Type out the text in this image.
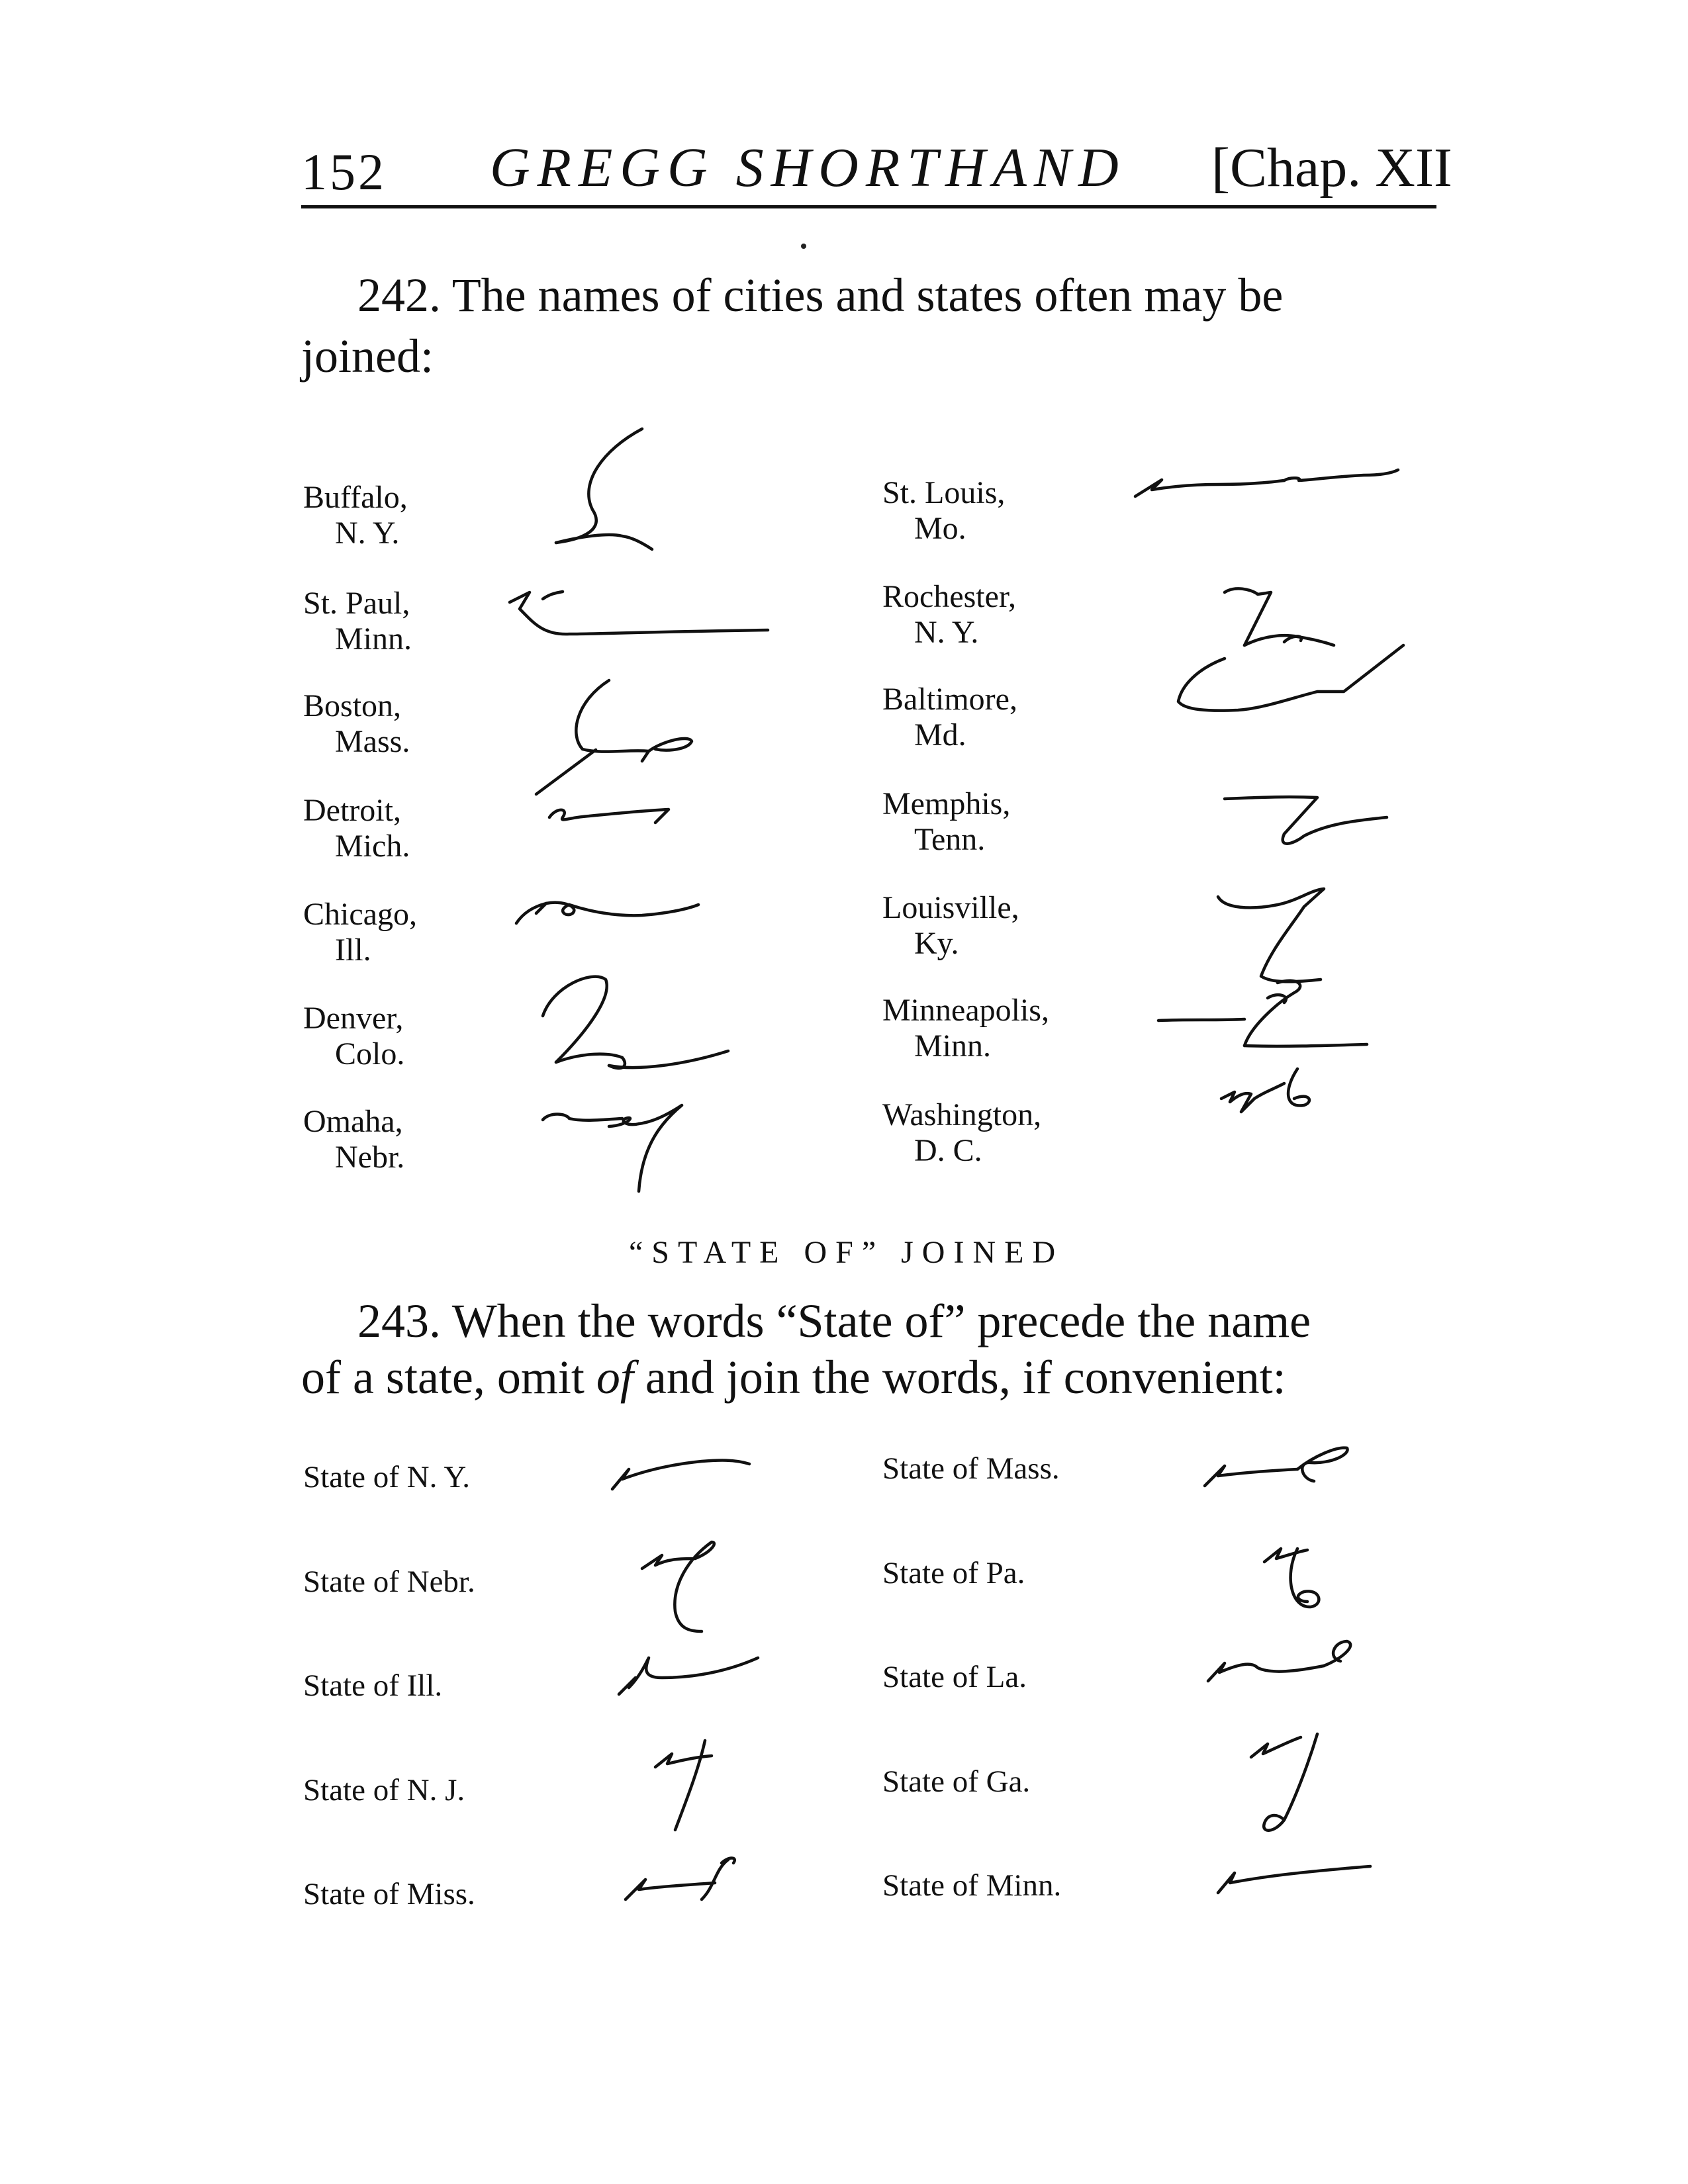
152 GREGG SHORTHAND [Chap. XII
242. The names of cities and states often may be
joined:
Buffalo,
N. Y.
St. Paul,
Minn.
Boston,
Mass.
Detroit,
Mich.
Chicago,
Ill.
Denver,
Colo.
Omaha,
Nebr.
St. Louis,
Mo.
Rochester,
N. Y.
Baltimore,
Md.
Memphis,
Tenn.
Louisville,
Ky.
Minneapolis,
Minn.
Washington,
D. C.
“STATE OF” JOINED
243. When the words “State of” precede the name
of a state, omit of and join the words, if convenient:
State of N. Y.
State of Nebr.
State of Ill.
State of N. J.
State of Miss.
State of Mass.
State of Pa.
State of La.
State of Ga.
State of Minn.
